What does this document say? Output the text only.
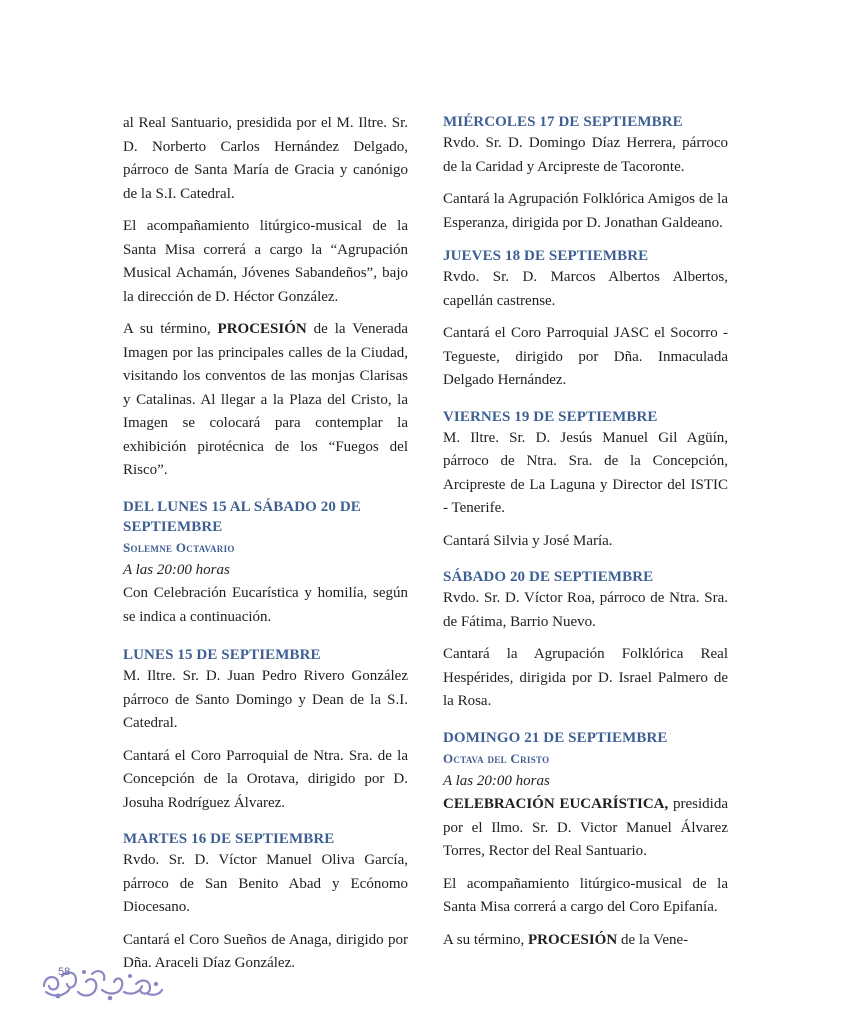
al Real Santuario, presidida por el M. Iltre. Sr. D. Norberto Carlos Hernández Delgado, párroco de Santa María de Gracia y canónigo de la S.I. Catedral.

El acompañamiento litúrgico-musical de la Santa Misa correrá a cargo la “Agrupación Musical Achamán, Jóvenes Sabandeños”, bajo la dirección de D. Héctor González.

A su término, PROCESIÓN de la Venerada Imagen por las principales calles de la Ciudad, visitando los conventos de las monjas Clarisas y Catalinas. Al llegar a la Plaza del Cristo, la Imagen se colocará para contemplar la exhibición pirotécnica de los “Fuegos del Risco”.

DEL LUNES 15 AL SÁBADO 20 DE SEPTIEMBRE
Solemne Octavario
A las 20:00 horas

Con Celebración Eucarística y homilía, según se indica a continuación.

LUNES 15 DE SEPTIEMBRE

M. Iltre. Sr. D. Juan Pedro Rivero González párroco de Santo Domingo y Dean de la S.I. Catedral.

Cantará el Coro Parroquial de Ntra. Sra. de la Concepción de la Orotava, dirigido por D. Josuha Rodríguez Álvarez.

MARTES 16 DE SEPTIEMBRE

Rvdo. Sr. D. Víctor Manuel Oliva García, párroco de San Benito Abad y Ecónomo Diocesano.

Cantará el Coro Sueños de Anaga, dirigido por Dña. Araceli Díaz González.

MIÉRCOLES 17 DE SEPTIEMBRE

Rvdo. Sr. D. Domingo Díaz Herrera, párroco de la Caridad y Arcipreste de Tacoronte.

Cantará la Agrupación Folklórica Amigos de la Esperanza, dirigida por D. Jonathan Galdeano.

JUEVES 18 DE SEPTIEMBRE

Rvdo. Sr. D. Marcos Albertos Albertos, capellán castrense.

Cantará el Coro Parroquial JASC el Socorro - Tegueste, dirigido por Dña. Inmaculada Delgado Hernández.

VIERNES 19 DE SEPTIEMBRE

M. Iltre. Sr. D. Jesús Manuel Gil Agüín, párroco de Ntra. Sra. de la Concepción, Arcipreste de La Laguna y Director del ISTIC - Tenerife.

Cantará Silvia y José María.

SÁBADO 20 DE SEPTIEMBRE

Rvdo. Sr. D. Víctor Roa, párroco de Ntra. Sra. de Fátima, Barrio Nuevo.

Cantará la Agrupación Folklórica Real Hespérides, dirigida por D. Israel Palmero de la Rosa.

DOMINGO 21 DE SEPTIEMBRE
Octava del Cristo
A las 20:00 horas

CELEBRACIÓN EUCARÍSTICA, presidida por el Ilmo. Sr. D. Victor Manuel Álvarez Torres, Rector del Real Santuario.

El acompañamiento litúrgico-musical de la Santa Misa correrá a cargo del Coro Epifanía.

A su término, PROCESIÓN de la Vene-

58
